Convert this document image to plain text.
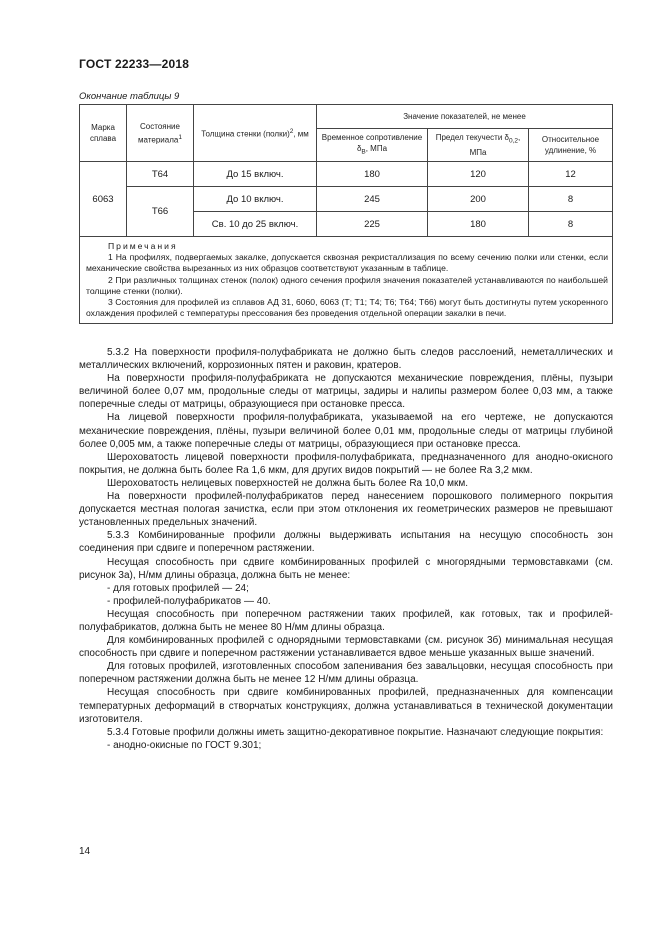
ГОСТ 22233—2018
Окончание таблицы 9
Марка сплава	Состояние материала$^1$	Толщина стенки (полки)$^2$, мм	Значение показателей, не менее		
			Временное сопротивление $\delta_B$, МПа	Предел текучести $\delta_{0,2}$, МПа	Относительное удлинение, %
6063	Т64	До 15 включ.	180	120	12
	Т66	До 10 включ.	245	200	8
		Св. 10 до 25 включ.	225	180	8

Примечания

1 На профилях, подвергаемых закалке, допускается сквозная рекристаллизация по всему сечению полки или стенки, если механические свойства вырезанных из них образцов соответствуют указанным в таблице.

2 При различных толщинах стенок (полок) одного сечения профиля значения показателей устанавливаются по наибольшей толщине стенки (полки).

3 Состояния для профилей из сплавов АД 31, 6060, 6063 (Т; Т1; Т4; Т6; Т64; Т66) могут быть достигнуты путем ускоренного охлаждения профилей с температуры прессования без проведения отдельной операции закалки в печи.					

5.3.2 На поверхности профиля-полуфабриката не должно быть следов расслоений, неметаллических и металлических включений, коррозионных пятен и раковин, кратеров.

На поверхности профиля-полуфабриката не допускаются механические повреждения, плёны, пузыри величиной более 0,07 мм, продольные следы от матрицы, задиры и налипы размером более 0,03 мм, а также поперечные следы от матрицы, образующиеся при остановке пресса.

На лицевой поверхности профиля-полуфабриката, указываемой на его чертеже, не допускаются механические повреждения, плёны, пузыри величиной более 0,01 мм, продольные следы от матрицы глубиной более 0,005 мм, а также поперечные следы от матрицы, образующиеся при остановке пресса.

Шероховатость лицевой поверхности профиля-полуфабриката, предназначенного для анодно-окисного покрытия, не должна быть более Ra 1,6 мкм, для других видов покрытий — не более Ra 3,2 мкм.

Шероховатость нелицевых поверхностей не должна быть более Ra 10,0 мкм.

На поверхности профилей-полуфабрикатов перед нанесением порошкового полимерного покрытия допускается местная пологая зачистка, если при этом отклонения их геометрических размеров не превышают установленных предельных значений.

5.3.3 Комбинированные профили должны выдерживать испытания на несущую способность зон соединения при сдвиге и поперечном растяжении.

Несущая способность при сдвиге комбинированных профилей с многорядными термовставками (см. рисунок 3а), Н/мм длины образца, должна быть не менее:

- для готовых профилей — 24;

- профилей-полуфабрикатов — 40.

Несущая способность при поперечном растяжении таких профилей, как готовых, так и профилей-полуфабрикатов, должна быть не менее 80 Н/мм длины образца.

Для комбинированных профилей с однорядными термовставками (см. рисунок 3б) минимальная несущая способность при сдвиге и поперечном растяжении устанавливается вдвое меньше указанных выше значений.

Для готовых профилей, изготовленных способом запенивания без завальцовки, несущая способность при поперечном растяжении должна быть не менее 12 Н/мм длины образца.

Несущая способность при сдвиге комбинированных профилей, предназначенных для компенсации температурных деформаций в створчатых конструкциях, должна устанавливаться в технической документации изготовителя.

5.3.4 Готовые профили должны иметь защитно-декоративное покрытие. Назначают следующие покрытия:

- анодно-окисные по ГОСТ 9.301;

14
